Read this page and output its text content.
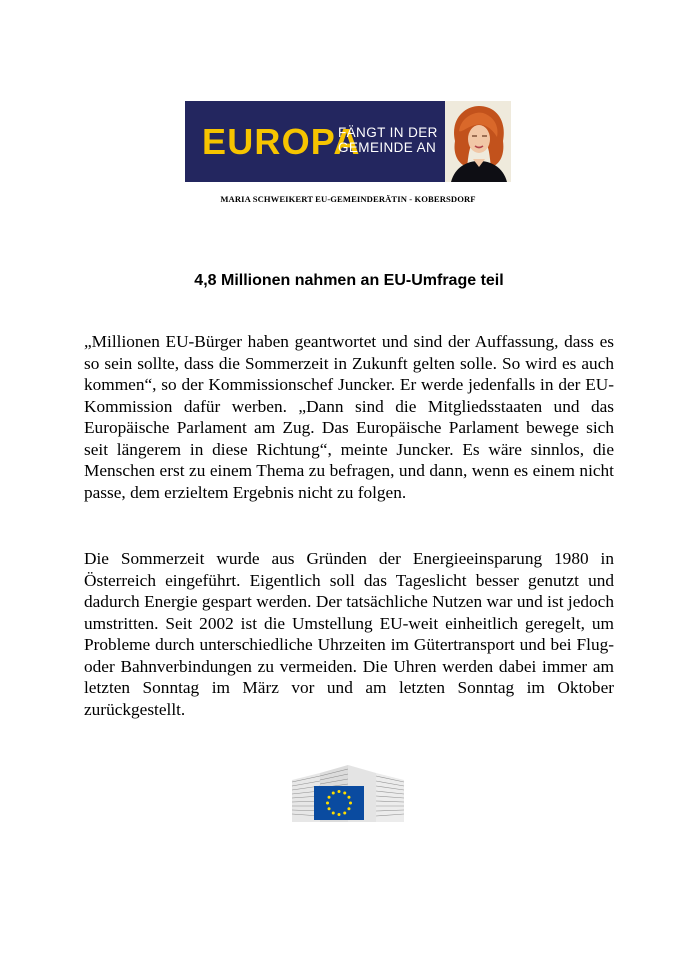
EUROPA
FÄNGT IN DER GEMEINDE AN
MARIA SCHWEIKERT EU-GEMEINDERÄTIN - KOBERSDORF
4,8 Millionen nahmen an EU-Umfrage teil

„Millionen EU-Bürger haben geantwortet und sind der Auffassung, dass es so sein sollte, dass die Sommerzeit in Zukunft gelten solle. So wird es auch kommen“, so der Kommissionschef Juncker. Er werde jedenfalls in der EU-Kommission dafür werben. „Dann sind die Mitgliedsstaaten und das Europäische Parlament am Zug. Das Europäische Parlament bewege sich seit längerem in diese Richtung“, meinte Juncker. Es wäre sinnlos, die Menschen erst zu einem Thema zu befragen, und dann, wenn es einem nicht passe, dem erzieltem Ergebnis nicht zu folgen.

Die Sommerzeit wurde aus Gründen der Energieeinsparung 1980 in Österreich eingeführt. Eigentlich soll das Tageslicht besser genutzt und dadurch Energie gespart werden. Der tatsächliche Nutzen war und ist jedoch umstritten. Seit 2002 ist die Umstellung EU-weit einheitlich geregelt, um Probleme durch unterschiedliche Uhrzeiten im Gütertransport und bei Flug- oder Bahnverbindungen zu vermeiden. Die Uhren werden dabei immer am letzten Sonntag im März vor und am letzten Sonntag im Oktober zurückgestellt.
